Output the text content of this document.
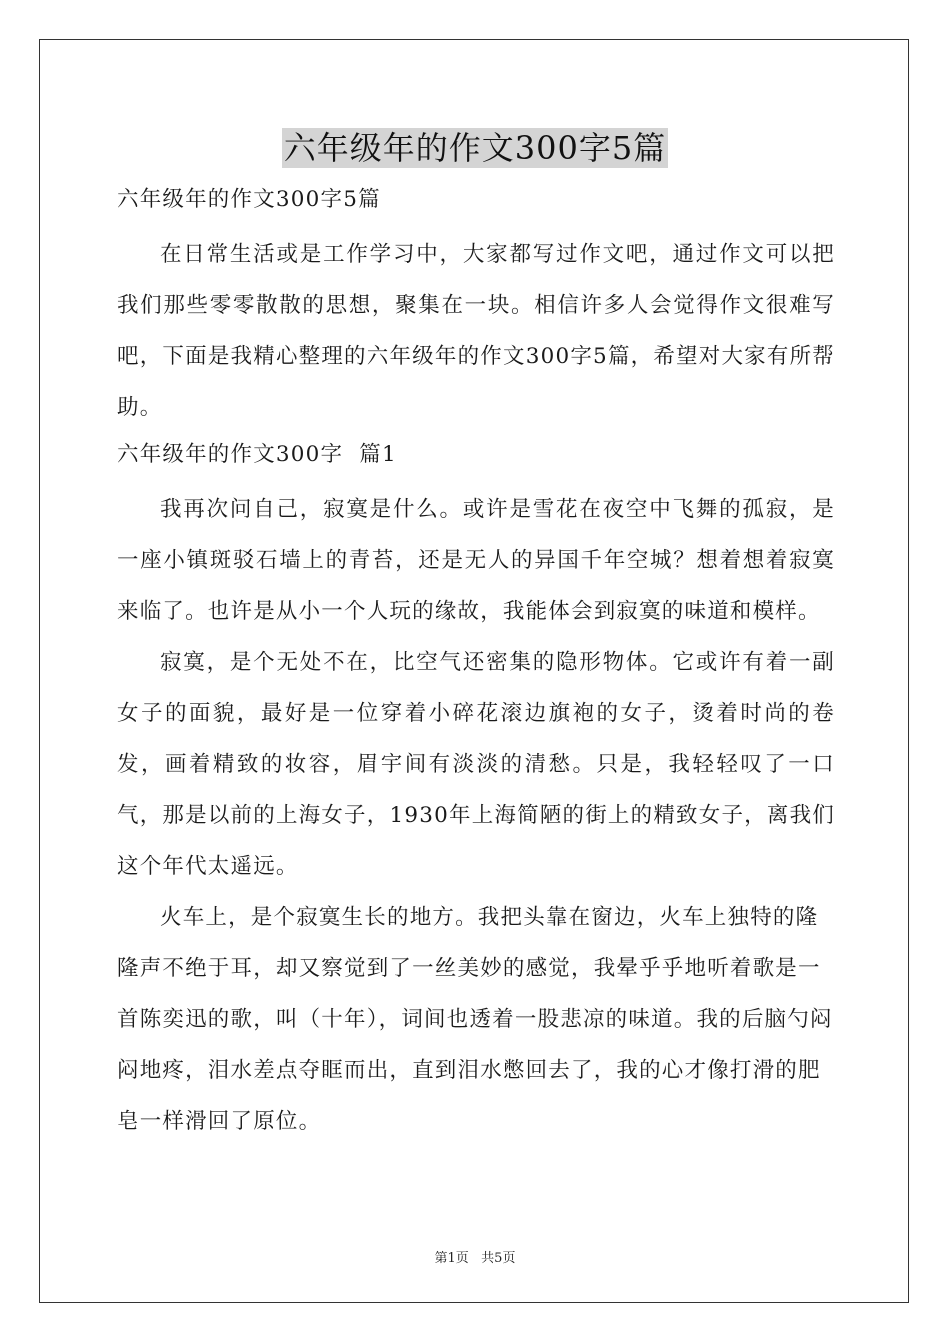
六年级年的作文300字5篇
六年级年的作文300字5篇

在日常生活或是工作学习中，大家都写过作文吧，通过作文可以把我们那些零零散散的思想，聚集在一块。相信许多人会觉得作文很难写吧，下面是我精心整理的六年级年的作文300字5篇，希望对大家有所帮助。

六年级年的作文300字  篇1

我再次问自己，寂寞是什么。或许是雪花在夜空中飞舞的孤寂，是一座小镇斑驳石墙上的青苔，还是无人的异国千年空城？想着想着寂寞来临了。也许是从小一个人玩的缘故，我能体会到寂寞的味道和模样。

寂寞，是个无处不在，比空气还密集的隐形物体。它或许有着一副女子的面貌，最好是一位穿着小碎花滚边旗袍的女子，烫着时尚的卷发，画着精致的妆容，眉宇间有淡淡的清愁。只是，我轻轻叹了一口气，那是以前的上海女子，1930年上海简陋的街上的精致女子，离我们这个年代太遥远。

火车上，是个寂寞生长的地方。我把头靠在窗边，火车上独特的隆隆声不绝于耳，却又察觉到了一丝美妙的感觉，我晕乎乎地听着歌是一首陈奕迅的歌，叫（十年），词间也透着一股悲凉的味道。我的后脑勺闷闷地疼，泪水差点夺眶而出，直到泪水憋回去了，我的心才像打滑的肥皂一样滑回了原位。

第1页   共5页
